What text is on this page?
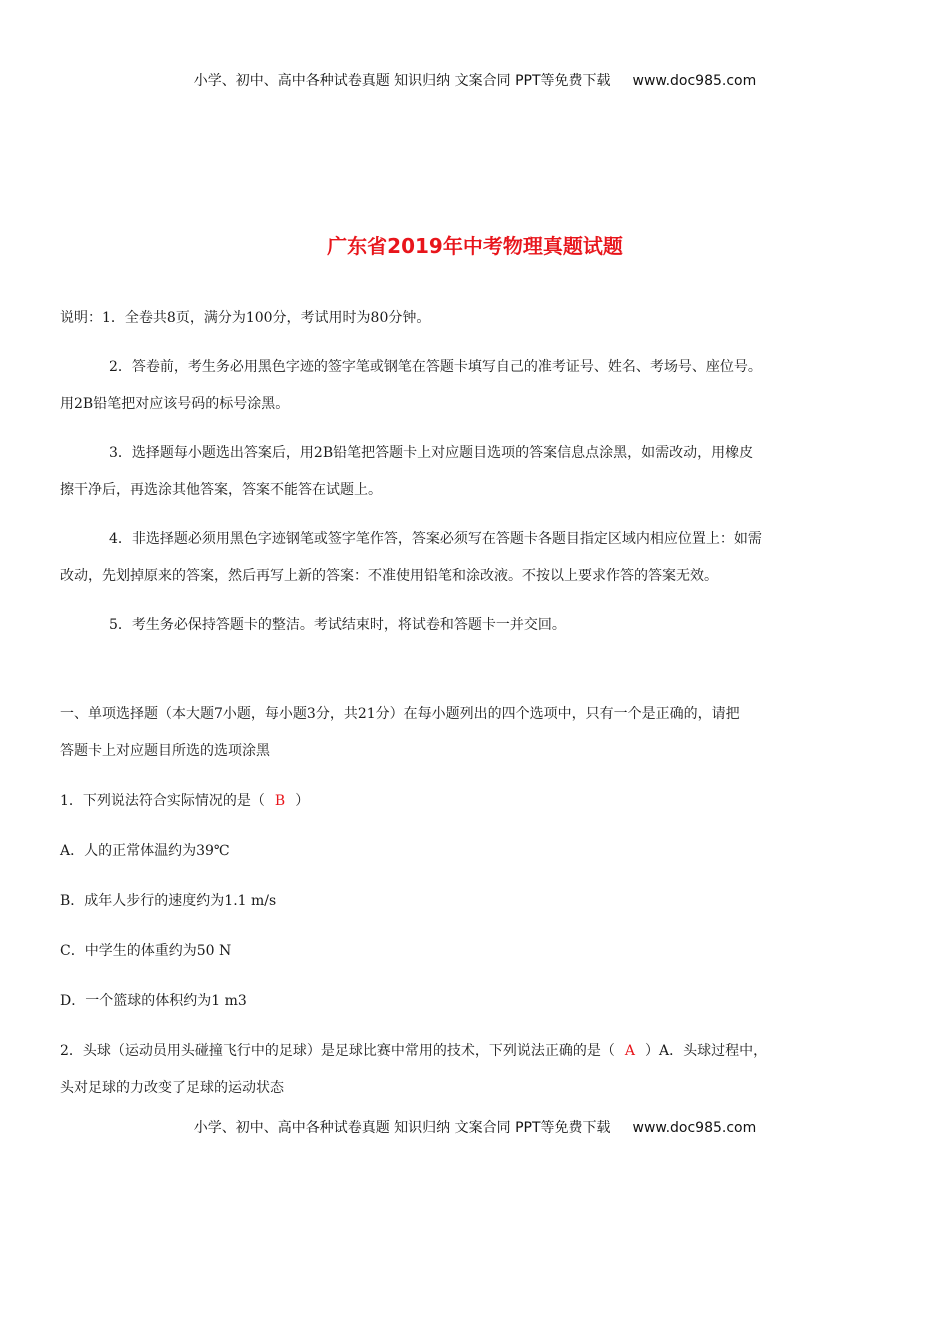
小学、初中、高中各种试卷真题 知识归纳 文案合同 PPT等免费下载 www.doc985.com
广东省2019年中考物理真题试题

说明：1．全卷共8页，满分为100分，考试用时为80分钟。

2．答卷前，考生务必用黑色字迹的签字笔或钢笔在答题卡填写自己的准考证号、姓名、考场号、座位号。

用2B铅笔把对应该号码的标号涂黑。

3．选择题每小题选出答案后，用2B铅笔把答题卡上对应题目选项的答案信息点涂黑，如需改动，用橡皮

擦干净后，再选涂其他答案，答案不能答在试题上。

4．非选择题必须用黑色字迹钢笔或签字笔作答，答案必须写在答题卡各题目指定区域内相应位置上：如需

改动，先划掉原来的答案，然后再写上新的答案：不准使用铅笔和涂改液。不按以上要求作答的答案无效。

5．考生务必保持答题卡的整洁。考试结束时，将试卷和答题卡一并交回。

一、单项选择题（本大题7小题，每小题3分，共21分）在每小题列出的四个选项中，只有一个是正确的，请把

答题卡上对应题目所选的选项涂黑

1．下列说法符合实际情况的是（ B ）

A．人的正常体温约为39℃

B．成年人步行的速度约为1.1 m/s

C．中学生的体重约为50 N

D．一个篮球的体积约为1 m3

2．头球（运动员用头碰撞飞行中的足球）是足球比赛中常用的技术，下列说法正确的是（ A ）A．头球过程中，

头对足球的力改变了足球的运动状态

小学、初中、高中各种试卷真题 知识归纳 文案合同 PPT等免费下载 www.doc985.com
